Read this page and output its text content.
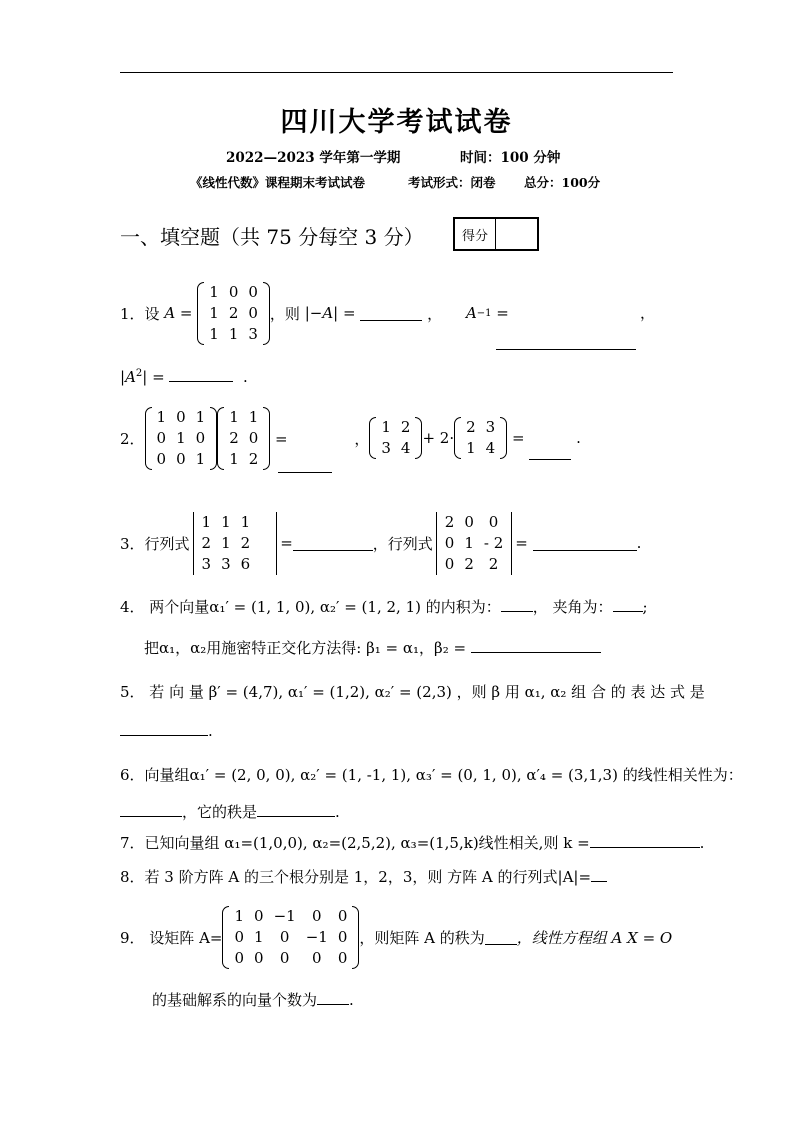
四川大学考试试卷
2022—2023 学年第一学期	时间：100 分钟
《线性代数》课程期末考试试卷	考试形式：闭卷 总分：100分
一、填空题（共 75 分每空 3 分）	得分
1．设 A =
1	0	0
1	2	0
1	1	3
，则 |− A | =	， A −1 =	，
$|A^2|$ =	.
2．
1	0	1
0	1	0
0	0	1
1	1
2	0
1	2
=              ，
1	2
3	4
+ 2·
2	3
1	4
=	.
3．行列式
1	1	1
2	1	2
3	3	6
=	，行列式
2	0	0
0	1	- 2
0	2	2
=	.
4． 两个向量α₁′ = (1, 1, 0), α₂′ = (1, 2, 1) 的内积为： ， 夹角为： ;
把α₁，α₂用施密特正交化方法得: β₁ = α₁，β₂ =
5． 若 向 量 β′ = (4,7), α₁′ = (1,2), α₂′ = (2,3) ，则 β 用 α₁, α₂ 组 合 的 表 达 式 是
.
6．向量组α₁′ = (2, 0, 0), α₂′ = (1, -1, 1), α₃′ = (0, 1, 0), α′₄ = (3,1,3) 的线性相关性为：
，它的秩是	.
7．已知向量组 α₁=(1,0,0), α₂=(2,5,2), α₃=(1,5,k)线性相关,则 k =	.
8．若 3 阶方阵 A 的三个根分别是 1，2，3，则 方阵 A 的行列式|A|=
9． 设矩阵 A=
1	0	−1	0	0
0	1	0	−1	0
0	0	0	0	0
，则矩阵 A 的秩为 ，线性方程组 A X = O
的基础解系的向量个数为 .
